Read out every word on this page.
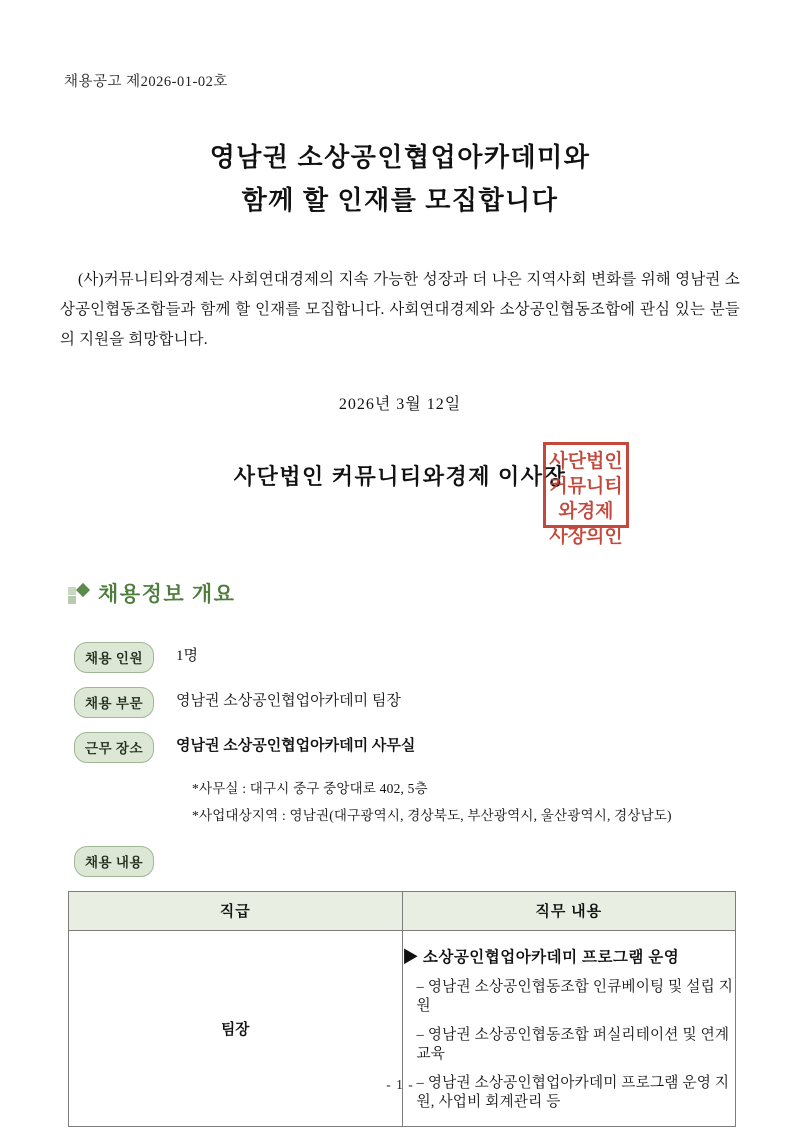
채용공고 제2026-01-02호
영남권 소상공인협업아카데미와
함께 할 인재를 모집합니다
(사)커뮤니티와경제는 사회연대경제의 지속 가능한 성장과 더 나은 지역사회 변화를 위해 영남권 소상공인협동조합들과 함께 할 인재를 모집합니다. 사회연대경제와 소상공인협동조합에 관심 있는 분들의 지원을 희망합니다.
2026년 3월 12일
사단법인 커뮤니티와경제 이사장
사단법인
커뮤니티
와경제
사장의인
채용정보 개요
채용 인원	1명
채용 부문	영남권 소상공인협업아카데미 팀장
근무 장소	영남권 소상공인협업아카데미 사무실
*사무실 : 대구시 중구 중앙대로 402, 5층
*사업대상지역 : 영남권(대구광역시, 경상북도, 부산광역시, 울산광역시, 경상남도)
채용 내용
직급	직무 내용
팀장	▶ 소상공인협업아카데미 프로그램 운영
– 영남권 소상공인협동조합 인큐베이팅 및 설립 지원
– 영남권 소상공인협동조합 퍼실리테이션 및 연계교육
– 영남권 소상공인협업아카데미 프로그램 운영 지원, 사업비 회계관리 등
- 1 -
